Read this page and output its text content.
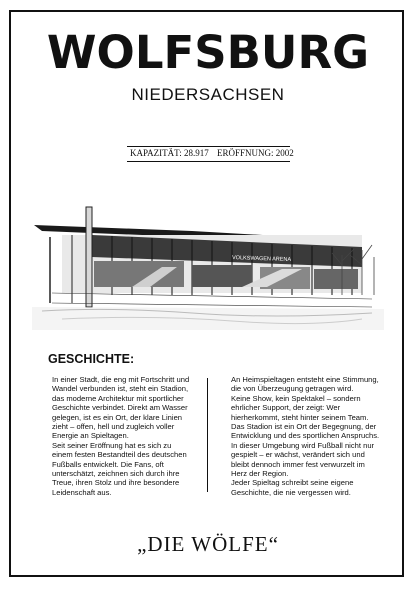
WOLFSBURG
NIEDERSACHSEN
KAPAZITÄT: 28.917 ERÖFFNUNG: 2002
VOLKSWAGEN ARENA
GESCHICHTE:

In einer Stadt, die eng mit Fortschritt und

Wandel verbunden ist, steht ein Stadion,

das moderne Architektur mit sportlicher

Geschichte verbindet. Direkt am Wasser

gelegen, ist es ein Ort, der klare Linien

zieht – offen, hell und zugleich voller

Energie an Spieltagen.

Seit seiner Eröffnung hat es sich zu

einem festen Bestandteil des deutschen

Fußballs entwickelt. Die Fans, oft

unterschätzt, zeichnen sich durch ihre

Treue, ihren Stolz und ihre besondere

Leidenschaft aus.

An Heimspieltagen entsteht eine Stimmung,

die von Überzeugung getragen wird.

Keine Show, kein Spektakel – sondern

ehrlicher Support, der zeigt: Wer

hierherkommt, steht hinter seinem Team.

Das Stadion ist ein Ort der Begegnung, der

Entwicklung und des sportlichen Anspruchs.

In dieser Umgebung wird Fußball nicht nur

gespielt – er wächst, verändert sich und

bleibt dennoch immer fest verwurzelt im

Herz der Region.

Jeder Spieltag schreibt seine eigene

Geschichte, die nie vergessen wird.

„DIE WÖLFE“
